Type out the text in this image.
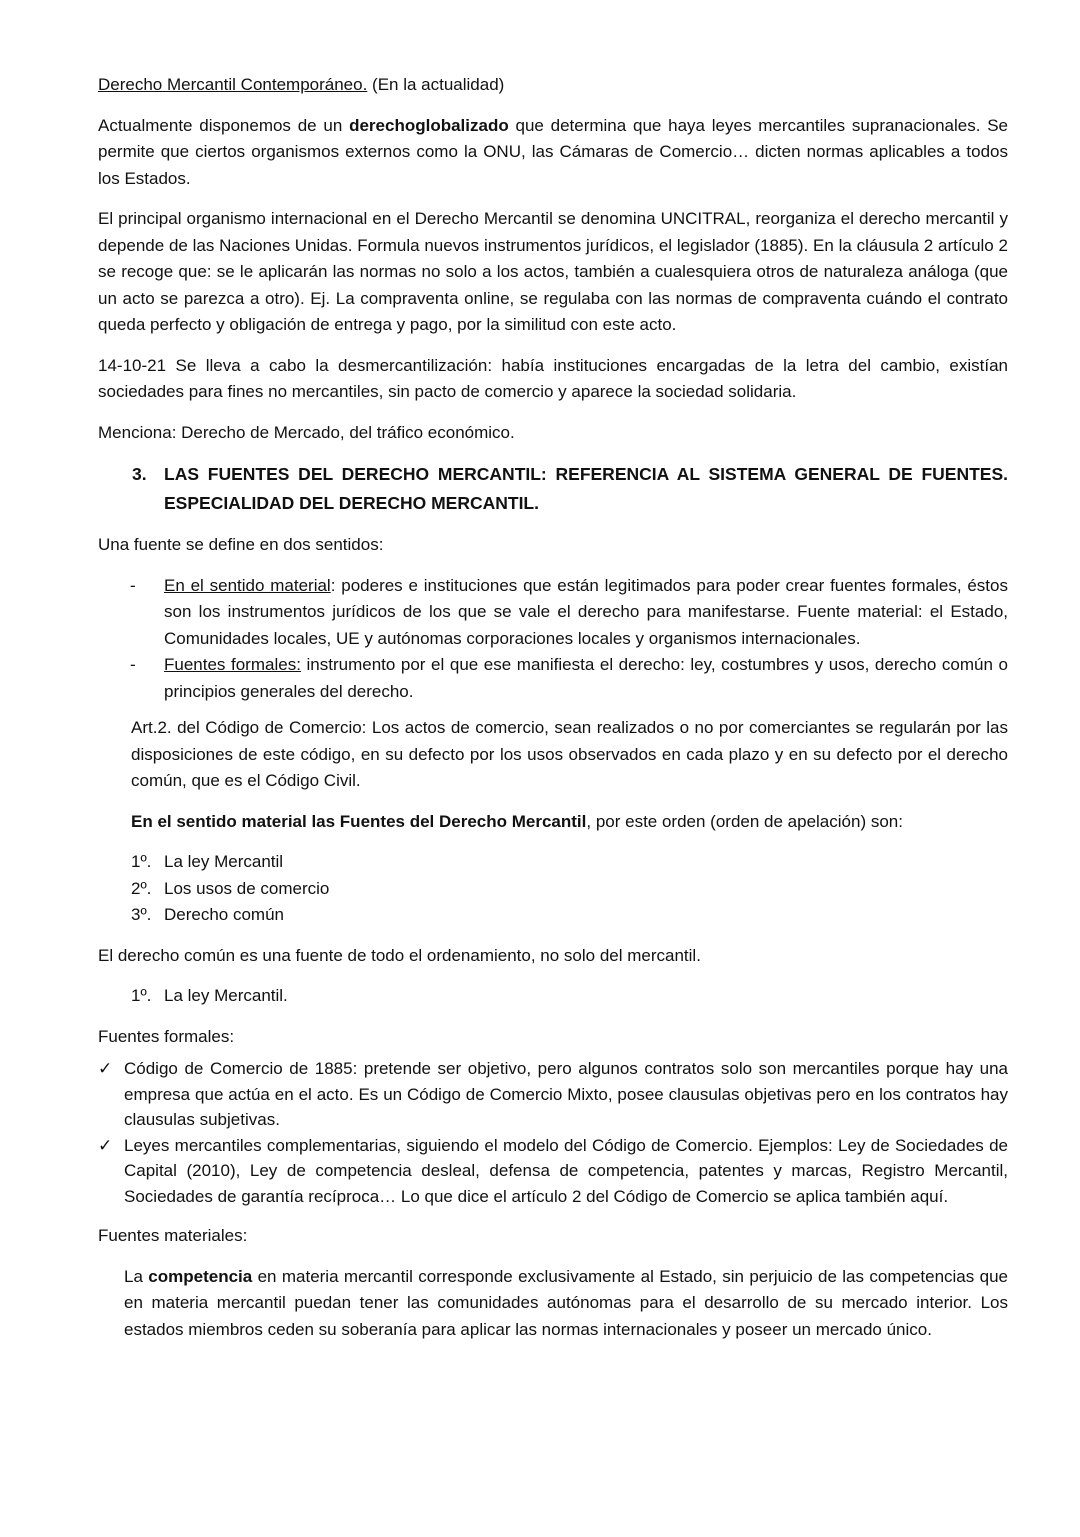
Derecho Mercantil Contemporáneo. (En la actualidad)

Actualmente disponemos de un derechoglobalizado que determina que haya leyes mercantiles supranacionales. Se permite que ciertos organismos externos como la ONU, las Cámaras de Comercio… dicten normas aplicables a todos los Estados.

El principal organismo internacional en el Derecho Mercantil se denomina UNCITRAL, reorganiza el derecho mercantil y depende de las Naciones Unidas. Formula nuevos instrumentos jurídicos, el legislador (1885). En la cláusula 2 artículo 2 se recoge que: se le aplicarán las normas no solo a los actos, también a cualesquiera otros de naturaleza análoga (que un acto se parezca a otro). Ej. La compraventa online, se regulaba con las normas de compraventa cuándo el contrato queda perfecto y obligación de entrega y pago, por la similitud con este acto.

14-10-21 Se lleva a cabo la desmercantilización: había instituciones encargadas de la letra del cambio, existían sociedades para fines no mercantiles, sin pacto de comercio y aparece la sociedad solidaria.

Menciona: Derecho de Mercado, del tráfico económico.

3. LAS FUENTES DEL DERECHO MERCANTIL: REFERENCIA AL SISTEMA GENERAL DE FUENTES. ESPECIALIDAD DEL DERECHO MERCANTIL.

Una fuente se define en dos sentidos:

- En el sentido material: poderes e instituciones que están legitimados para poder crear fuentes formales, éstos son los instrumentos jurídicos de los que se vale el derecho para manifestarse. Fuente material: el Estado, Comunidades locales, UE y autónomas corporaciones locales y organismos internacionales.
- Fuentes formales: instrumento por el que ese manifiesta el derecho: ley, costumbres y usos, derecho común o principios generales del derecho.

Art.2. del Código de Comercio: Los actos de comercio, sean realizados o no por comerciantes se regularán por las disposiciones de este código, en su defecto por los usos observados en cada plazo y en su defecto por el derecho común, que es el Código Civil.

En el sentido material las Fuentes del Derecho Mercantil, por este orden (orden de apelación) son:

1º. La ley Mercantil
2º. Los usos de comercio
3º. Derecho común

El derecho común es una fuente de todo el ordenamiento, no solo del mercantil.

1º. La ley Mercantil.

Fuentes formales:

✓ Código de Comercio de 1885: pretende ser objetivo, pero algunos contratos solo son mercantiles porque hay una empresa que actúa en el acto. Es un Código de Comercio Mixto, posee clausulas objetivas pero en los contratos hay clausulas subjetivas.
✓ Leyes mercantiles complementarias, siguiendo el modelo del Código de Comercio. Ejemplos: Ley de Sociedades de Capital (2010), Ley de competencia desleal, defensa de competencia, patentes y marcas, Registro Mercantil, Sociedades de garantía recíproca… Lo que dice el artículo 2 del Código de Comercio se aplica también aquí.

Fuentes materiales:

La competencia en materia mercantil corresponde exclusivamente al Estado, sin perjuicio de las competencias que en materia mercantil puedan tener las comunidades autónomas para el desarrollo de su mercado interior. Los estados miembros ceden su soberanía para aplicar las normas internacionales y poseer un mercado único.
